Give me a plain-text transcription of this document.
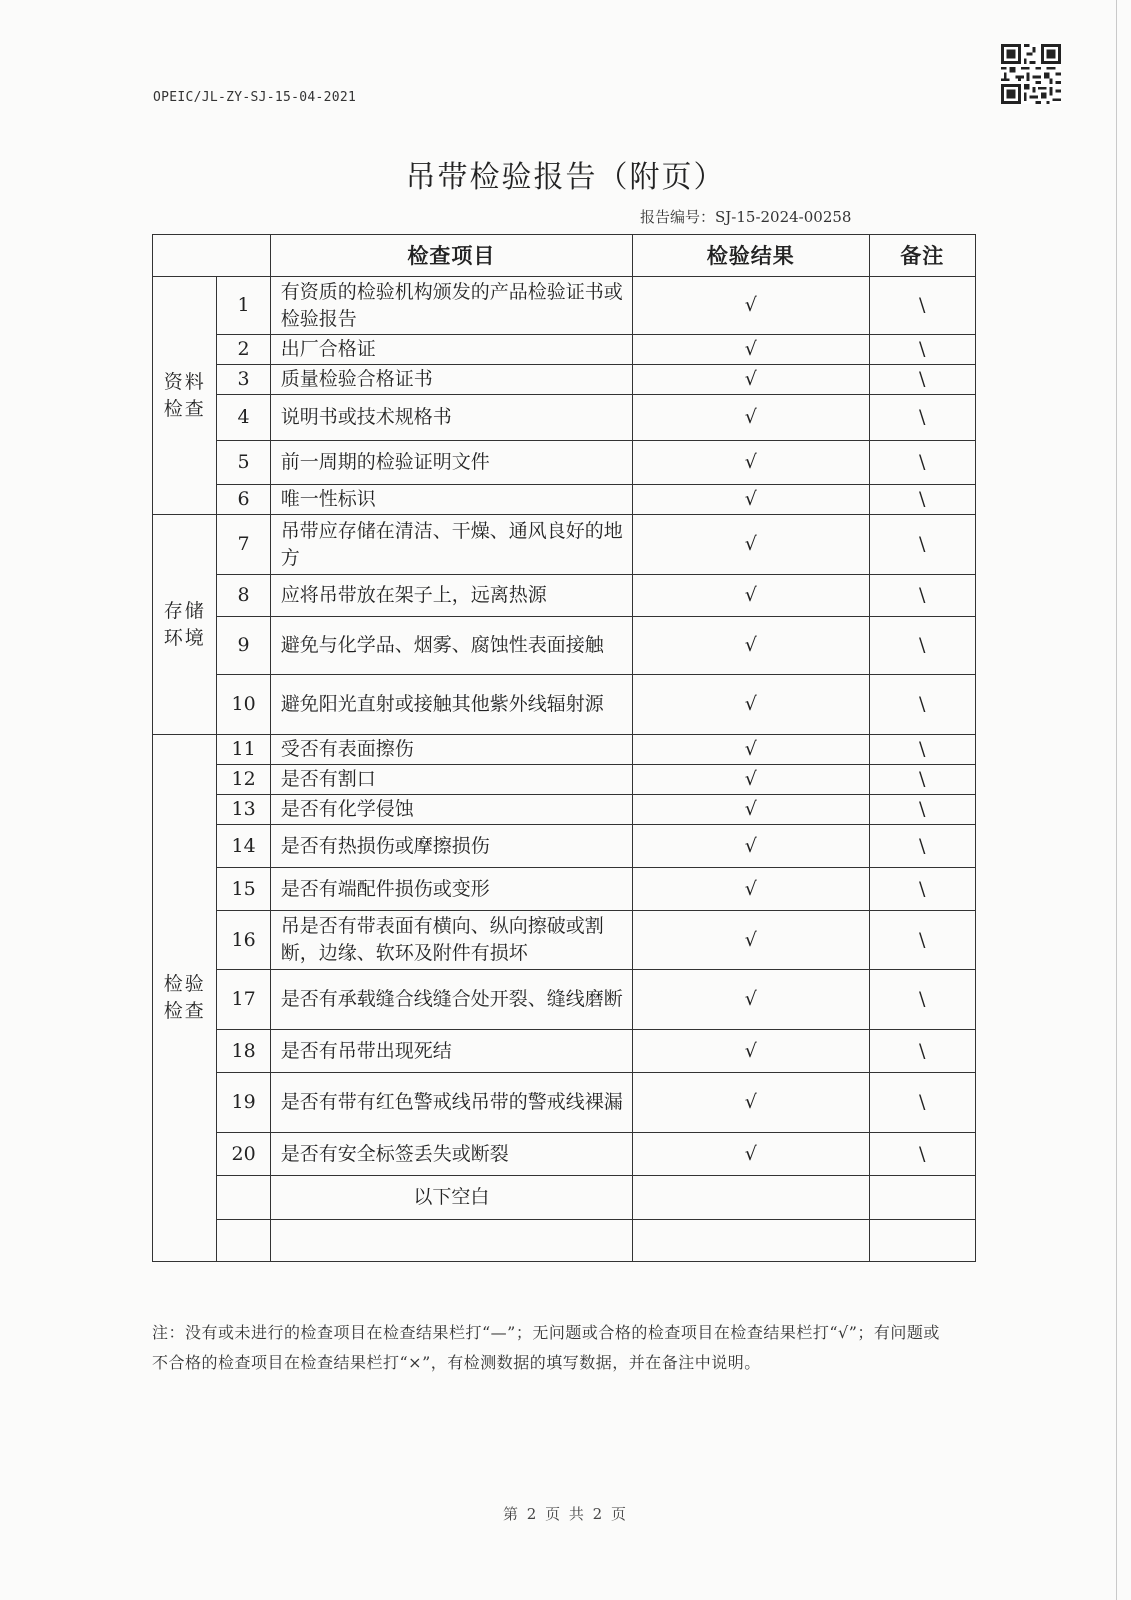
OPEIC/JL-ZY-SJ-15-04-2021
吊带检验报告（附页）
报告编号：SJ-15-2024-00258
		检查项目	检验结果	备注

资料检查	1	有资质的检验机构颁发的产品检验证书或检验报告	√	\
	2	出厂合格证	√	\
	3	质量检验合格证书	√	\
	4	说明书或技术规格书	√	\
	5	前一周期的检验证明文件	√	\
	6	唯一性标识	√	\

存储环境	7	吊带应存储在清洁、干燥、通风良好的地方	√	\
	8	应将吊带放在架子上，远离热源	√	\
	9	避免与化学品、烟雾、腐蚀性表面接触	√	\
	10	避免阳光直射或接触其他紫外线辐射源	√	\

检验检查	11	受否有表面擦伤	√	\
	12	是否有割口	√	\
	13	是否有化学侵蚀	√	\
	14	是否有热损伤或摩擦损伤	√	\
	15	是否有端配件损伤或变形	√	\
	16	吊是否有带表面有横向、纵向擦破或割断，边缘、软环及附件有损坏	√	\
	17	是否有承载缝合线缝合处开裂、缝线磨断	√	\
	18	是否有吊带出现死结	√	\
	19	是否有带有红色警戒线吊带的警戒线裸漏	√	\
	20	是否有安全标签丢失或断裂	√	\
		以下空白		

注：没有或未进行的检查项目在检查结果栏打“—”；无问题或合格的检查项目在检查结果栏打“√”；有问题或不合格的检查项目在检查结果栏打“×”，有检测数据的填写数据，并在备注中说明。
第 2 页 共 2 页
